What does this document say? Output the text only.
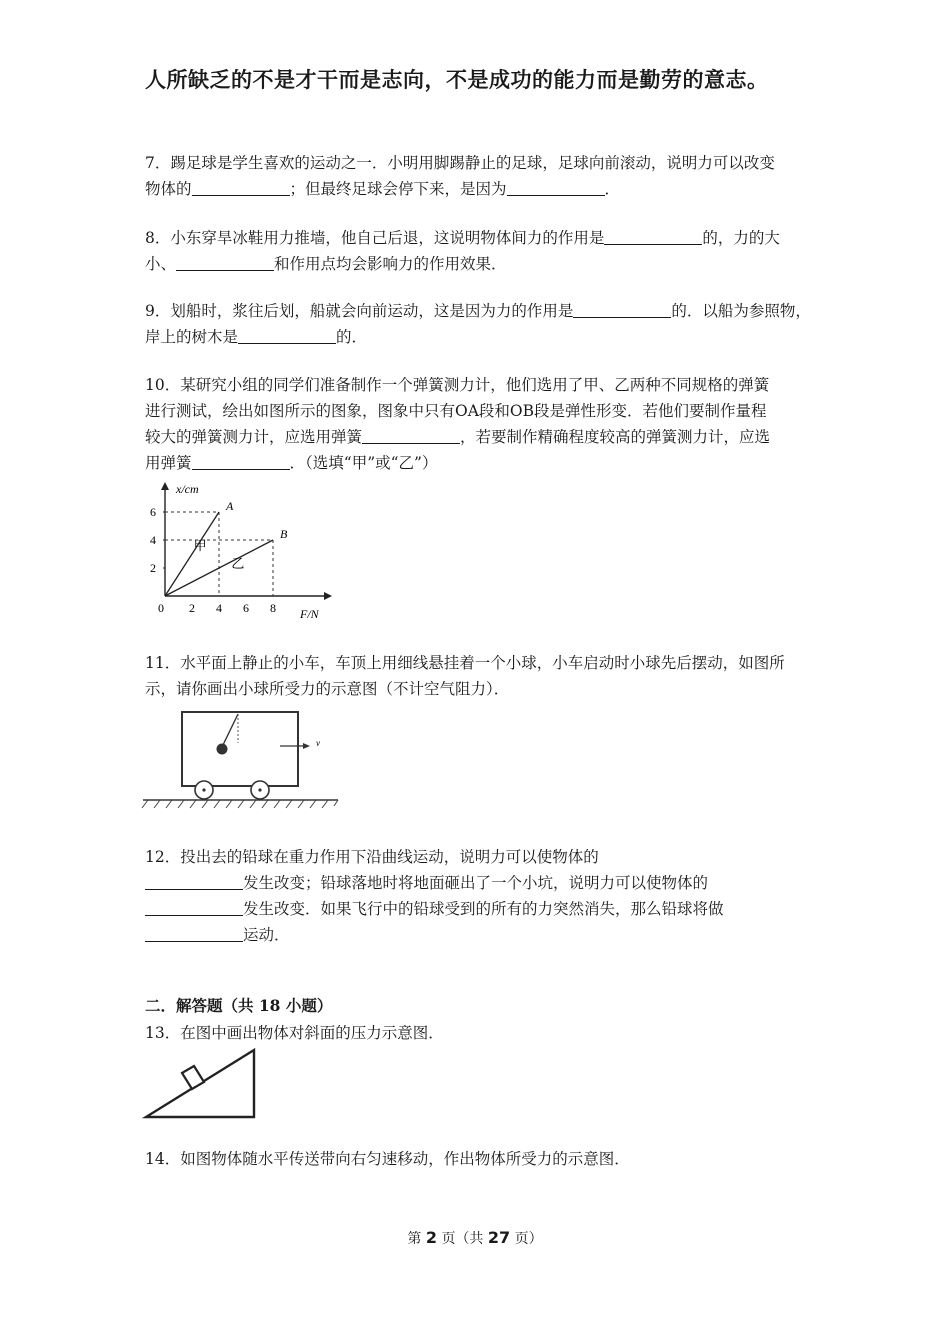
人所缺乏的不是才干而是志向，不是成功的能力而是勤劳的意志。
7．踢足球是学生喜欢的运动之一．小明用脚踢静止的足球，足球向前滚动，说明力可以改变
物体的	；但最终足球会停下来，是因为	．
8．小东穿旱冰鞋用力推墙，他自己后退，这说明物体间力的作用是	的，力的大
小、	和作用点均会影响力的作用效果．
9．划船时，浆往后划，船就会向前运动，这是因为力的作用是	的．以船为参照物，
岸上的树木是	的．
10．某研究小组的同学们准备制作一个弹簧测力计，他们选用了甲、乙两种不同规格的弹簧
进行测试，绘出如图所示的图象，图象中只有OA段和OB段是弹性形变．若他们要制作量程
较大的弹簧测力计，应选用弹簧	，若要制作精确程度较高的弹簧测力计，应选
用弹簧	．（选填“甲”或“乙”）
x/cm
F/N
2
4
6
0 2 4 6 8
A
甲
B
乙
11．水平面上静止的小车，车顶上用细线悬挂着一个小球，小车启动时小球先后摆动，如图所
示，请你画出小球所受力的示意图（不计空气阻力）．
v
12．投出去的铅球在重力作用下沿曲线运动，说明力可以使物体的
发生改变；铅球落地时将地面砸出了一个小坑，说明力可以使物体的
发生改变．如果飞行中的铅球受到的所有的力突然消失，那么铅球将做
运动．
二．解答题（共 18 小题）
13．在图中画出物体对斜面的压力示意图．
14．如图物体随水平传送带向右匀速移动，作出物体所受力的示意图．
第 2 页（共 27 页）
